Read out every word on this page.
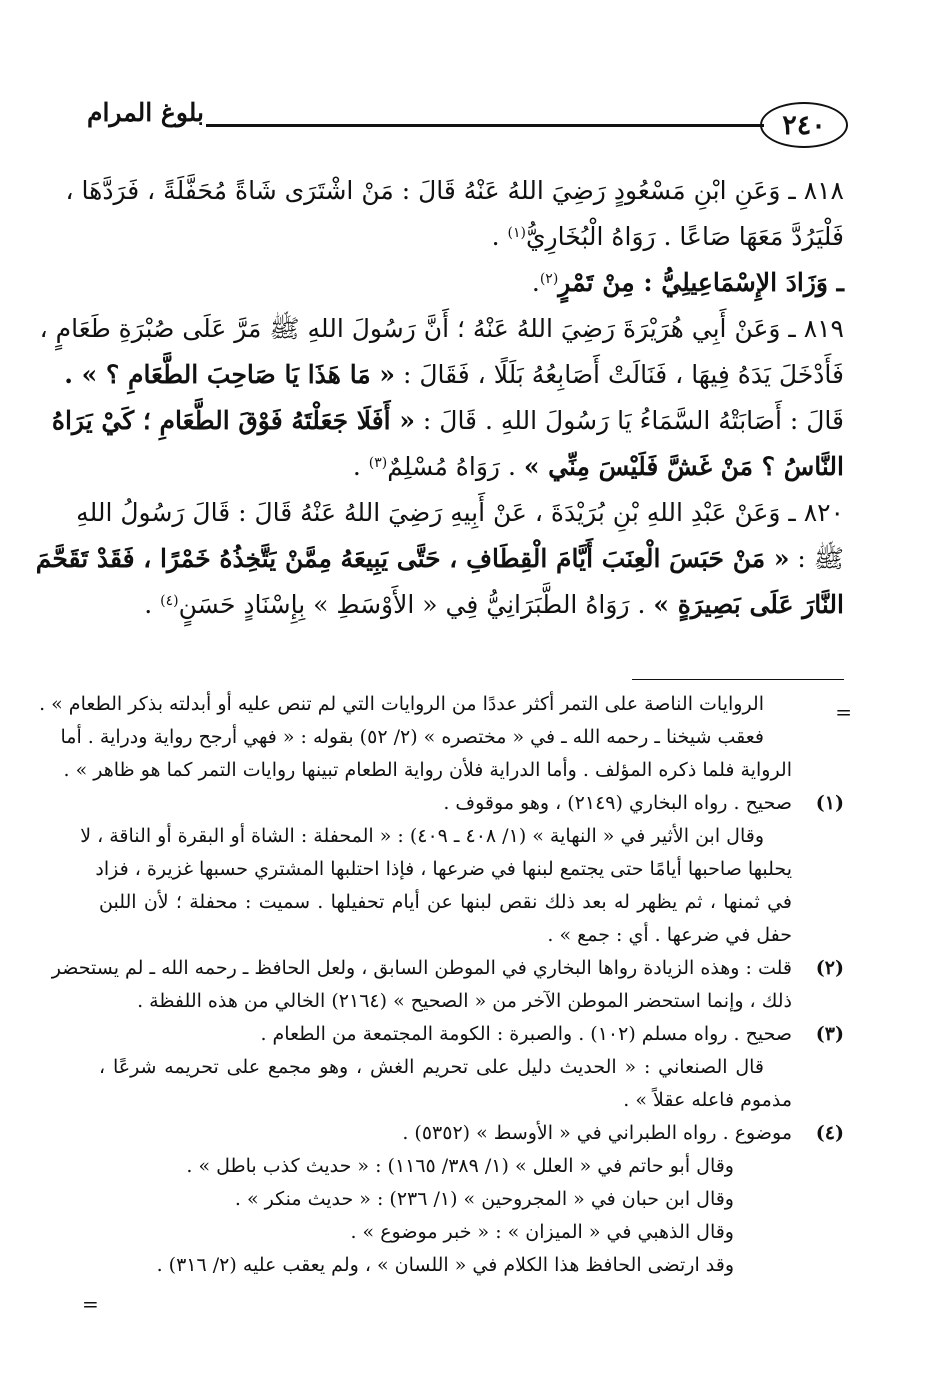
٢٤٠
بلوغ المرام
٨١٨ ـ وَعَنِ ابْنِ مَسْعُودٍ رَضِيَ اللهُ عَنْهُ قَالَ : مَنْ اشْتَرَى شَاةً مُحَفَّلَةً ، فَرَدَّهَا ،
فَلْيَرُدَّ مَعَهَا صَاعًا . رَوَاهُ الْبُخَارِيُّ$^{(١)}$ .
ـ وَزَادَ الإِسْمَاعِيلِيُّ : مِنْ تَمْرٍ$^{(٢)}$.
٨١٩ ـ وَعَنْ أَبِي هُرَيْرَةَ رَضِيَ اللهُ عَنْهُ ؛ أَنَّ رَسُولَ اللهِ ﷺ مَرَّ عَلَى صُبْرَةِ طَعَامٍ ،
فَأَدْخَلَ يَدَهُ فِيهَا ، فَنَالَتْ أَصَابِعُهُ بَلَلًا ، فَقَالَ : « مَا هَذَا يَا صَاحِبَ الطَّعَامِ ؟ » .
قَالَ : أَصَابَتْهُ السَّمَاءُ يَا رَسُولَ اللهِ . قَالَ : « أَفَلَا جَعَلْتَهُ فَوْقَ الطَّعَامِ ؛ كَيْ يَرَاهُ
النَّاسُ ؟ مَنْ غَشَّ فَلَيْسَ مِنِّي » . رَوَاهُ مُسْلِمٌ$^{(٣)}$ .
٨٢٠ ـ وَعَنْ عَبْدِ اللهِ بْنِ بُرَيْدَةَ ، عَنْ أَبِيهِ رَضِيَ اللهُ عَنْهُ قَالَ : قَالَ رَسُولُ اللهِ
ﷺ : « مَنْ حَبَسَ الْعِنَبَ أَيَّامَ الْقِطَافِ ، حَتَّى يَبِيعَهُ مِمَّنْ يَتَّخِذُهُ خَمْرًا ، فَقَدْ تَقَحَّمَ
النَّارَ عَلَى بَصِيرَةٍ » . رَوَاهُ الطَّبَرَانِيُّ فِي « الأَوْسَطِ » بِإِسْنَادٍ حَسَنٍ$^{(٤)}$ .
=
=
الروايات الناصة على التمر أكثر عددًا من الروايات التي لم تنص عليه أو أبدلته بذكر الطعام » .
فعقب شيخنا ـ رحمه الله ـ في « مختصره » (٢/ ٥٢) بقوله : « فهي أرجح رواية ودراية . أما
الرواية فلما ذكره المؤلف . وأما الدراية فلأن رواية الطعام تبينها روايات التمر كما هو ظاهر » .
(١)
صحيح . رواه البخاري (٢١٤٩) ، وهو موقوف .
وقال ابن الأثير في « النهاية » (١/ ٤٠٨ ـ ٤٠٩) : « المحفلة : الشاة أو البقرة أو الناقة ، لا
يحلبها صاحبها أيامًا حتى يجتمع لبنها في ضرعها ، فإذا احتلبها المشتري حسبها غزيرة ، فزاد
في ثمنها ، ثم يظهر له بعد ذلك نقص لبنها عن أيام تحفيلها . سميت : محفلة ؛ لأن اللبن
حفل في ضرعها . أي : جمع » .
(٢)
قلت : وهذه الزيادة رواها البخاري في الموطن السابق ، ولعل الحافظ ـ رحمه الله ـ لم يستحضر
ذلك ، وإنما استحضر الموطن الآخر من « الصحيح » (٢١٦٤) الخالي من هذه اللفظة .
(٣)
صحيح . رواه مسلم (١٠٢) . والصبرة : الكومة المجتمعة من الطعام .
قال الصنعاني : « الحديث دليل على تحريم الغش ، وهو مجمع على تحريمه شرعًا ،
مذموم فاعله عقلاً » .
(٤)
موضوع . رواه الطبراني في « الأوسط » (٥٣٥٢) .
وقال أبو حاتم في « العلل » (١/ ٣٨٩/ ١١٦٥) : « حديث كذب باطل » .
وقال ابن حبان في « المجروحين » (١/ ٢٣٦) : « حديث منكر » .
وقال الذهبي في « الميزان » : « خبر موضوع » .
وقد ارتضى الحافظ هذا الكلام في « اللسان » ، ولم يعقب عليه (٢/ ٣١٦) .
